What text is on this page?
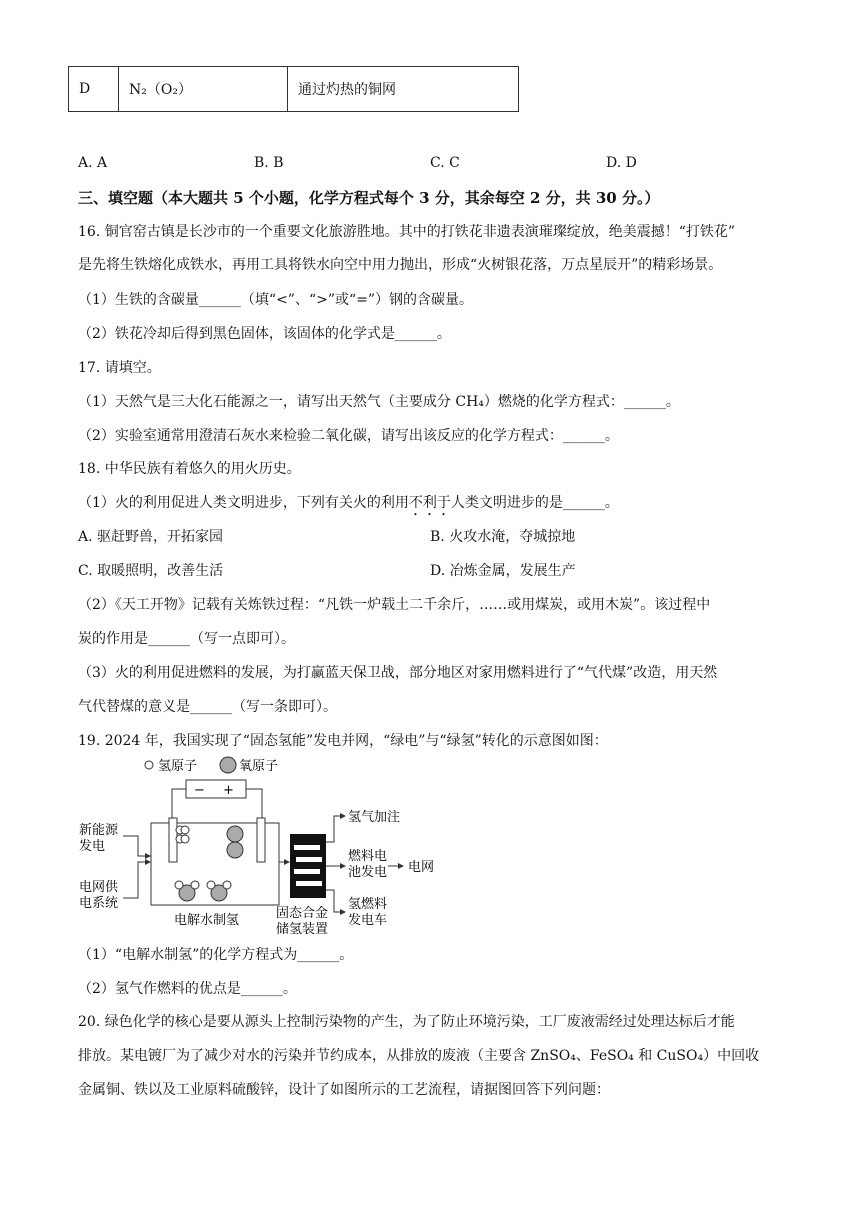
D	N₂（O₂）	通过灼热的铜网
A. A	B. B	C. C	D. D
三、填空题（本大题共 5 个小题，化学方程式每个 3 分，其余每空 2 分，共 30 分。）
16. 铜官窑古镇是长沙市的一个重要文化旅游胜地。其中的打铁花非遗表演璀璨绽放，绝美震撼！“打铁花”
是先将生铁熔化成铁水，再用工具将铁水向空中用力抛出，形成“火树银花落，万点星辰开”的精彩场景。
（1）生铁的含碳量______（填“<”、“>”或“=”）钢的含碳量。
（2）铁花冷却后得到黑色固体，该固体的化学式是______。
17. 请填空。
（1）天然气是三大化石能源之一，请写出天然气（主要成分 CH₄）燃烧的化学方程式：______。
（2）实验室通常用澄清石灰水来检验二氧化碳，请写出该反应的化学方程式：______。
18. 中华民族有着悠久的用火历史。
（1）火的利用促进人类文明进步，下列有关火的利用不利于人类文明进步的是______。
A. 驱赶野兽，开拓家园	B. 火攻水淹，夺城掠地
C. 取暖照明，改善生活	D. 冶炼金属，发展生产
（2）《天工开物》记载有关炼铁过程：“凡铁一炉载土二千余斤，……或用煤炭，或用木炭”。该过程中
炭的作用是______（写一点即可）。
（3）火的利用促进燃料的发展，为打赢蓝天保卫战，部分地区对家用燃料进行了“气代煤”改造，用天然
气代替煤的意义是______（写一条即可）。
19. 2024 年，我国实现了“固态氢能”发电并网，“绿电”与“绿氢”转化的示意图如图：
氢原子	氧原子
− +
新能源
发电
电网供
电系统
电解水制氢	固态合金
储氢装置
氢气加注
燃料电
池发电 电网
氢燃料
发电车
（1）“电解水制氢”的化学方程式为______。
（2）氢气作燃料的优点是______。
20. 绿色化学的核心是要从源头上控制污染物的产生，为了防止环境污染，工厂废液需经过处理达标后才能
排放。某电镀厂为了减少对水的污染并节约成本，从排放的废液（主要含 ZnSO₄、FeSO₄ 和 CuSO₄）中回收
金属铜、铁以及工业原料硫酸锌，设计了如图所示的工艺流程，请据图回答下列问题：
